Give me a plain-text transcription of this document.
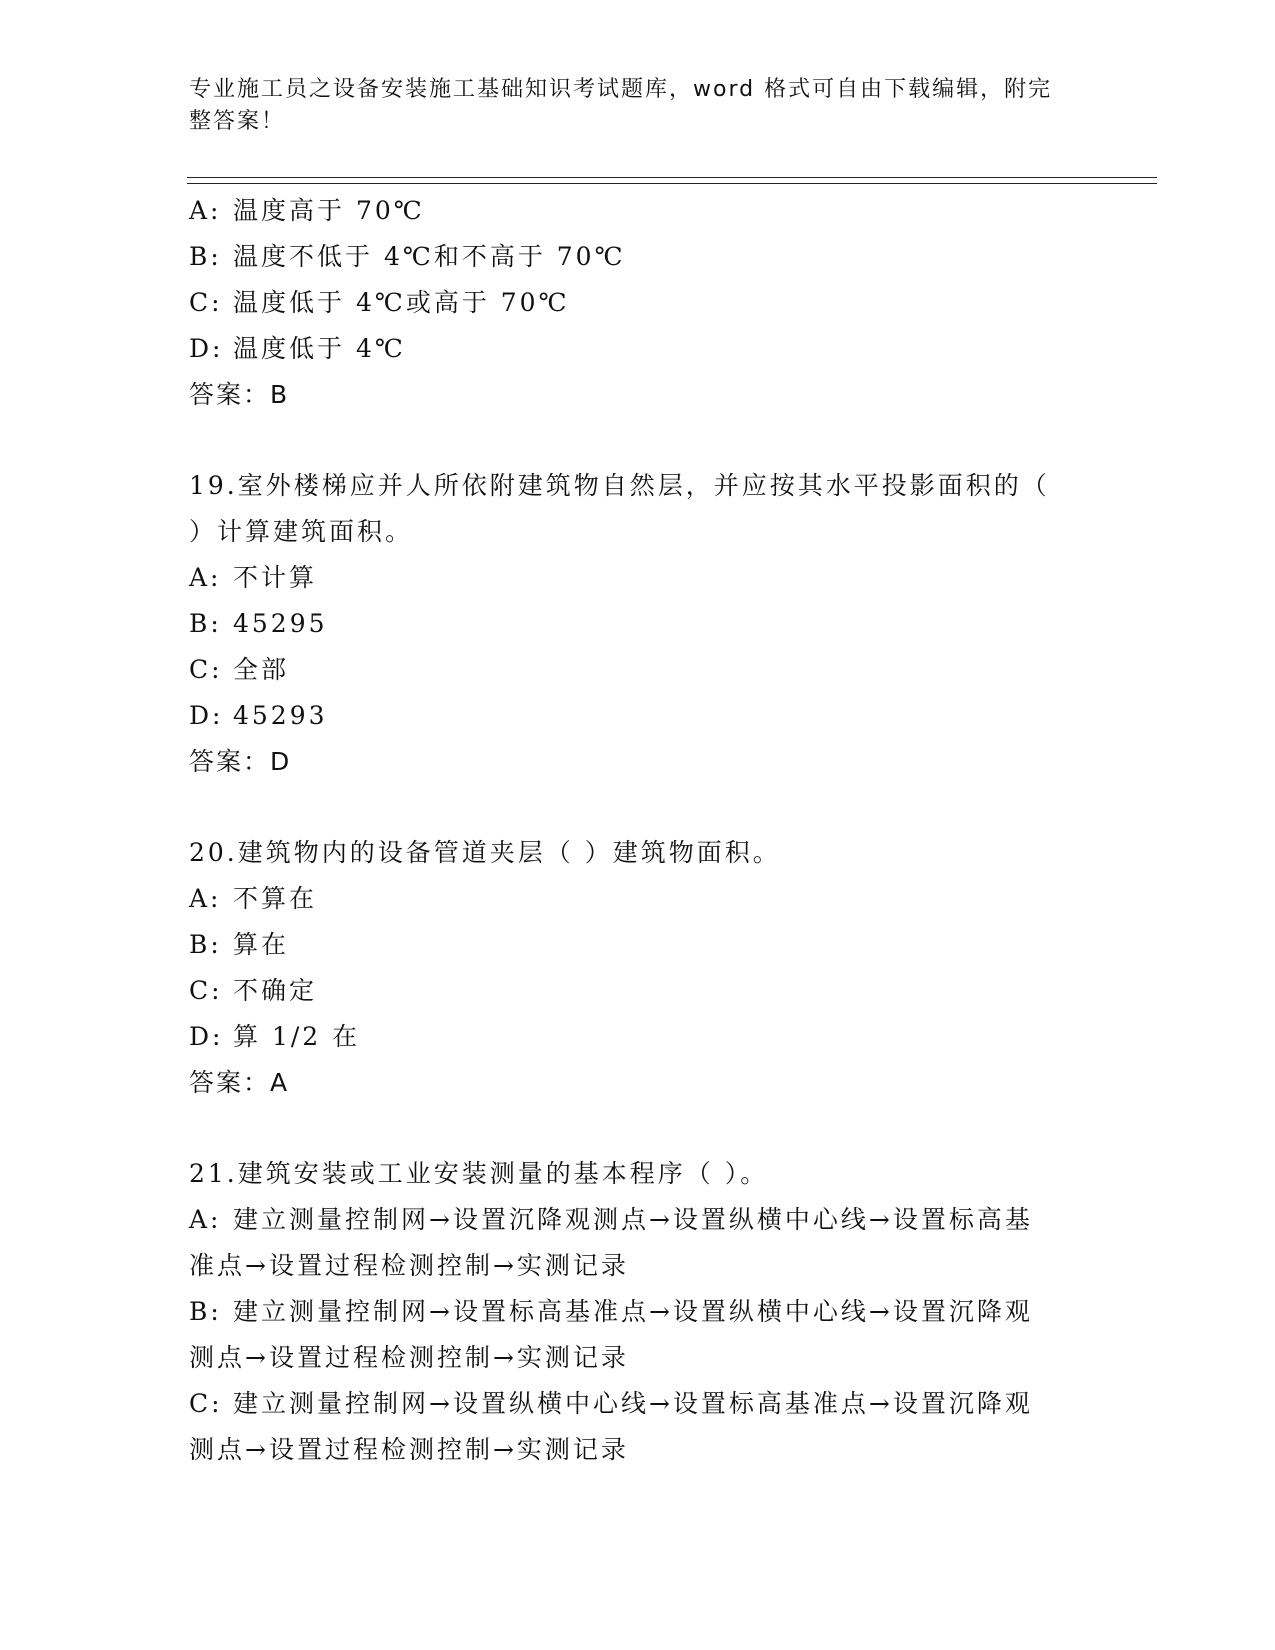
专业施工员之设备安装施工基础知识考试题库，word 格式可自由下载编辑，附完
整答案！
A: 温度高于 70℃
B: 温度不低于 4℃和不高于 70℃
C: 温度低于 4℃或高于 70℃
D: 温度低于 4℃
答案：B
19.室外楼梯应并人所依附建筑物自然层，并应按其水平投影面积的（
）计算建筑面积。
A: 不计算
B: 45295
C: 全部
D: 45293
答案：D
20.建筑物内的设备管道夹层（ ）建筑物面积。
A: 不算在
B: 算在
C: 不确定
D: 算 1/2 在
答案：A
21.建筑安装或工业安装测量的基本程序（ ）。
A: 建立测量控制网→设置沉降观测点→设置纵横中心线→设置标高基
准点→设置过程检测控制→实测记录
B: 建立测量控制网→设置标高基准点→设置纵横中心线→设置沉降观
测点→设置过程检测控制→实测记录
C: 建立测量控制网→设置纵横中心线→设置标高基准点→设置沉降观
测点→设置过程检测控制→实测记录
